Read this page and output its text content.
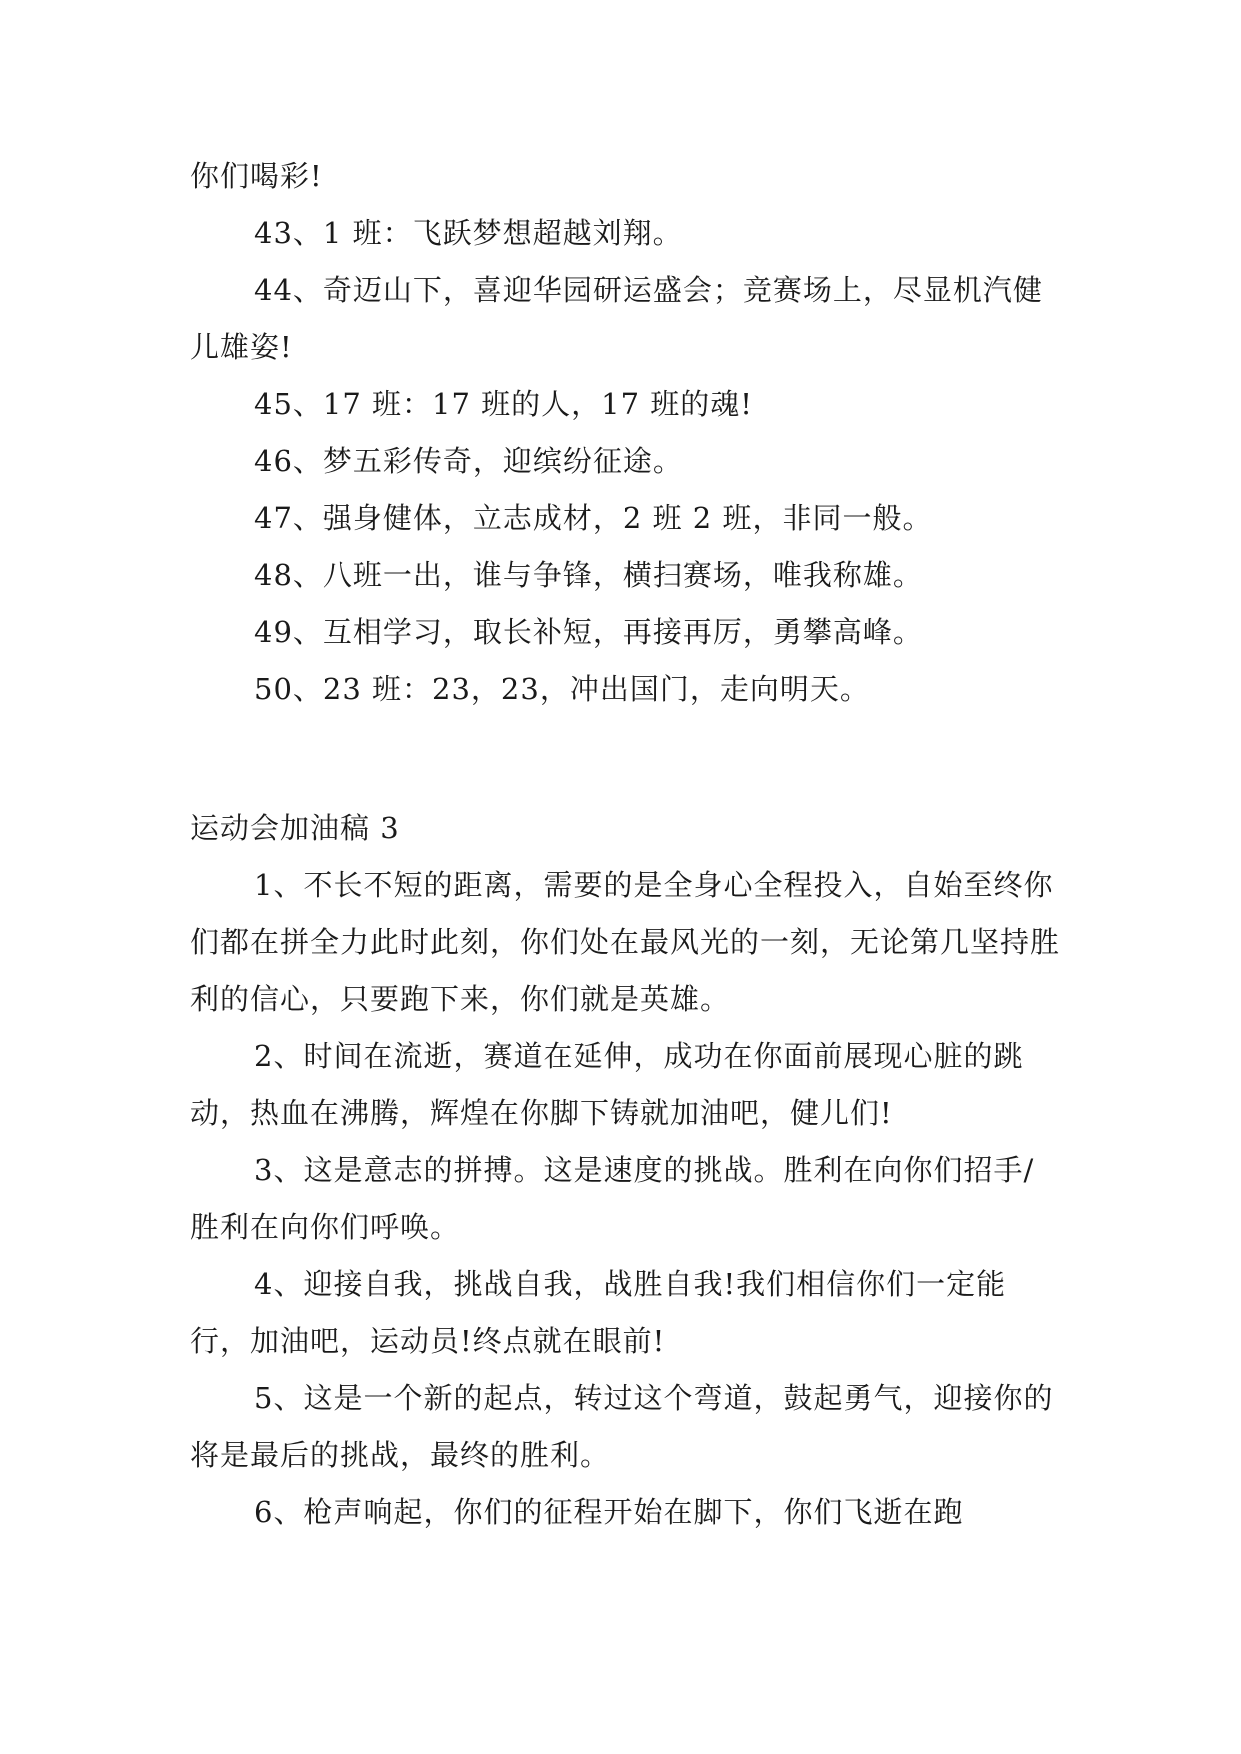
你们喝彩!

43、1 班：飞跃梦想超越刘翔。

44、奇迈山下，喜迎华园研运盛会；竞赛场上，尽显机汽健儿雄姿!

45、17 班：17 班的人，17 班的魂!

46、梦五彩传奇，迎缤纷征途。

47、强身健体，立志成材，2 班 2 班，非同一般。

48、八班一出，谁与争锋，横扫赛场，唯我称雄。

49、互相学习，取长补短，再接再厉，勇攀高峰。

50、23 班：23，23，冲出国门，走向明天。

运动会加油稿 3

1、不长不短的距离，需要的是全身心全程投入，自始至终你们都在拼全力此时此刻，你们处在最风光的一刻，无论第几坚持胜利的信心，只要跑下来，你们就是英雄。

2、时间在流逝，赛道在延伸，成功在你面前展现心脏的跳动，热血在沸腾，辉煌在你脚下铸就加油吧，健儿们!

3、这是意志的拼搏。这是速度的挑战。胜利在向你们招手/胜利在向你们呼唤。

4、迎接自我，挑战自我，战胜自我!我们相信你们一定能行，加油吧，运动员!终点就在眼前!

5、这是一个新的起点，转过这个弯道，鼓起勇气，迎接你的将是最后的挑战，最终的胜利。

6、枪声响起，你们的征程开始在脚下，你们飞逝在跑
